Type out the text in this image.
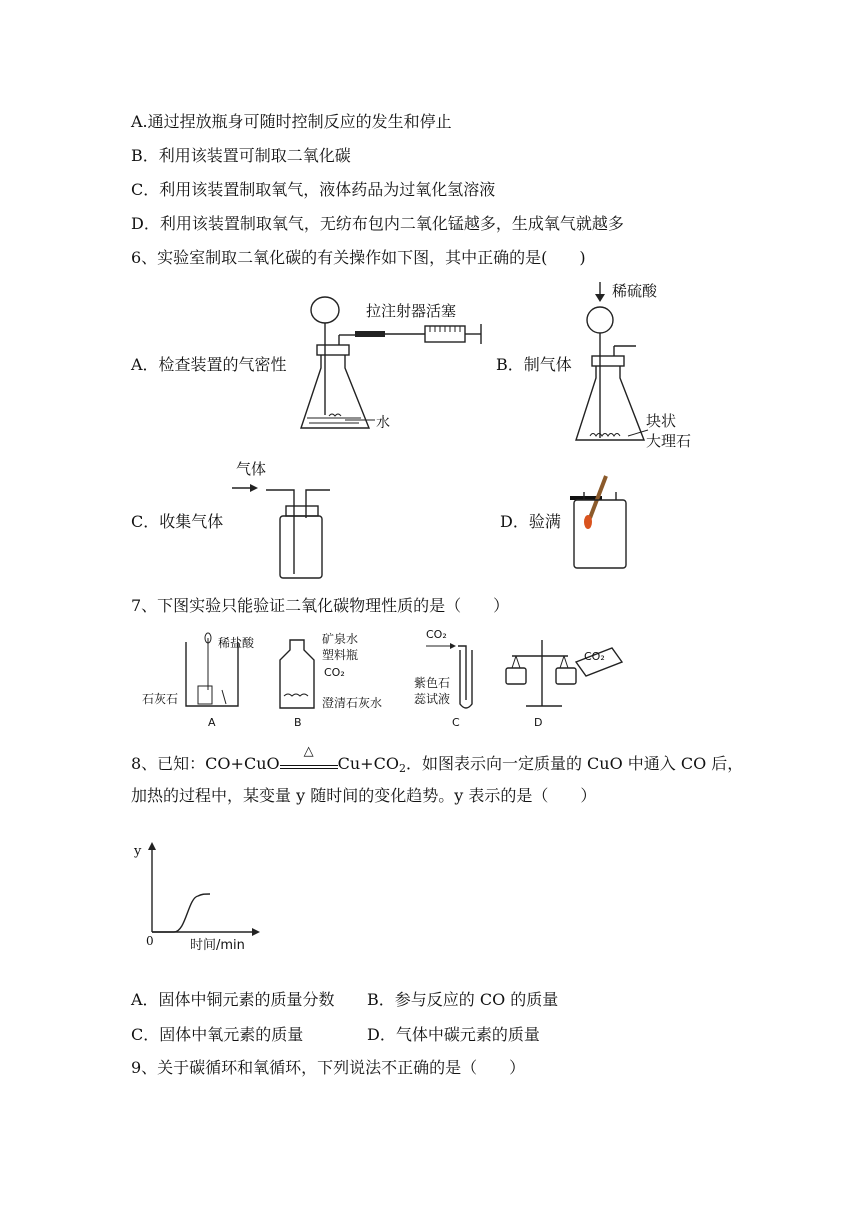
A.通过捏放瓶身可随时控制反应的发生和停止
B．利用该装置可制取二氧化碳
C．利用该装置制取氧气，液体药品为过氧化氢溶液
D．利用该装置制取氧气，无纺布包内二氧化锰越多，生成氧气就越多
6、实验室制取二氧化碳的有关操作如下图，其中正确的是(　　)
A．检查装置的气密性
拉注射器活塞
水
B．制气体
稀硫酸
块状
大理石
C．收集气体
气体
D．验满
7、下图实验只能验证二氧化碳物理性质的是（　　）
稀盐酸
石灰石
A
矿泉水
塑料瓶
CO₂
澄清石灰水
B
CO₂
紫色石
蕊试液
C
CO₂
D
8、已知：CO+CuO
△
$Cu+CO_2$．如图表示向一定质量的 CuO 中通入 CO 后，
加热的过程中，某变量 y 随时间的变化趋势。y 表示的是（　　）
y
0	时间/min
A．固体中铜元素的质量分数 B．参与反应的 CO 的质量
C．固体中氧元素的质量	D．气体中碳元素的质量
9、关于碳循环和氧循环，下列说法不正确的是（　　）
